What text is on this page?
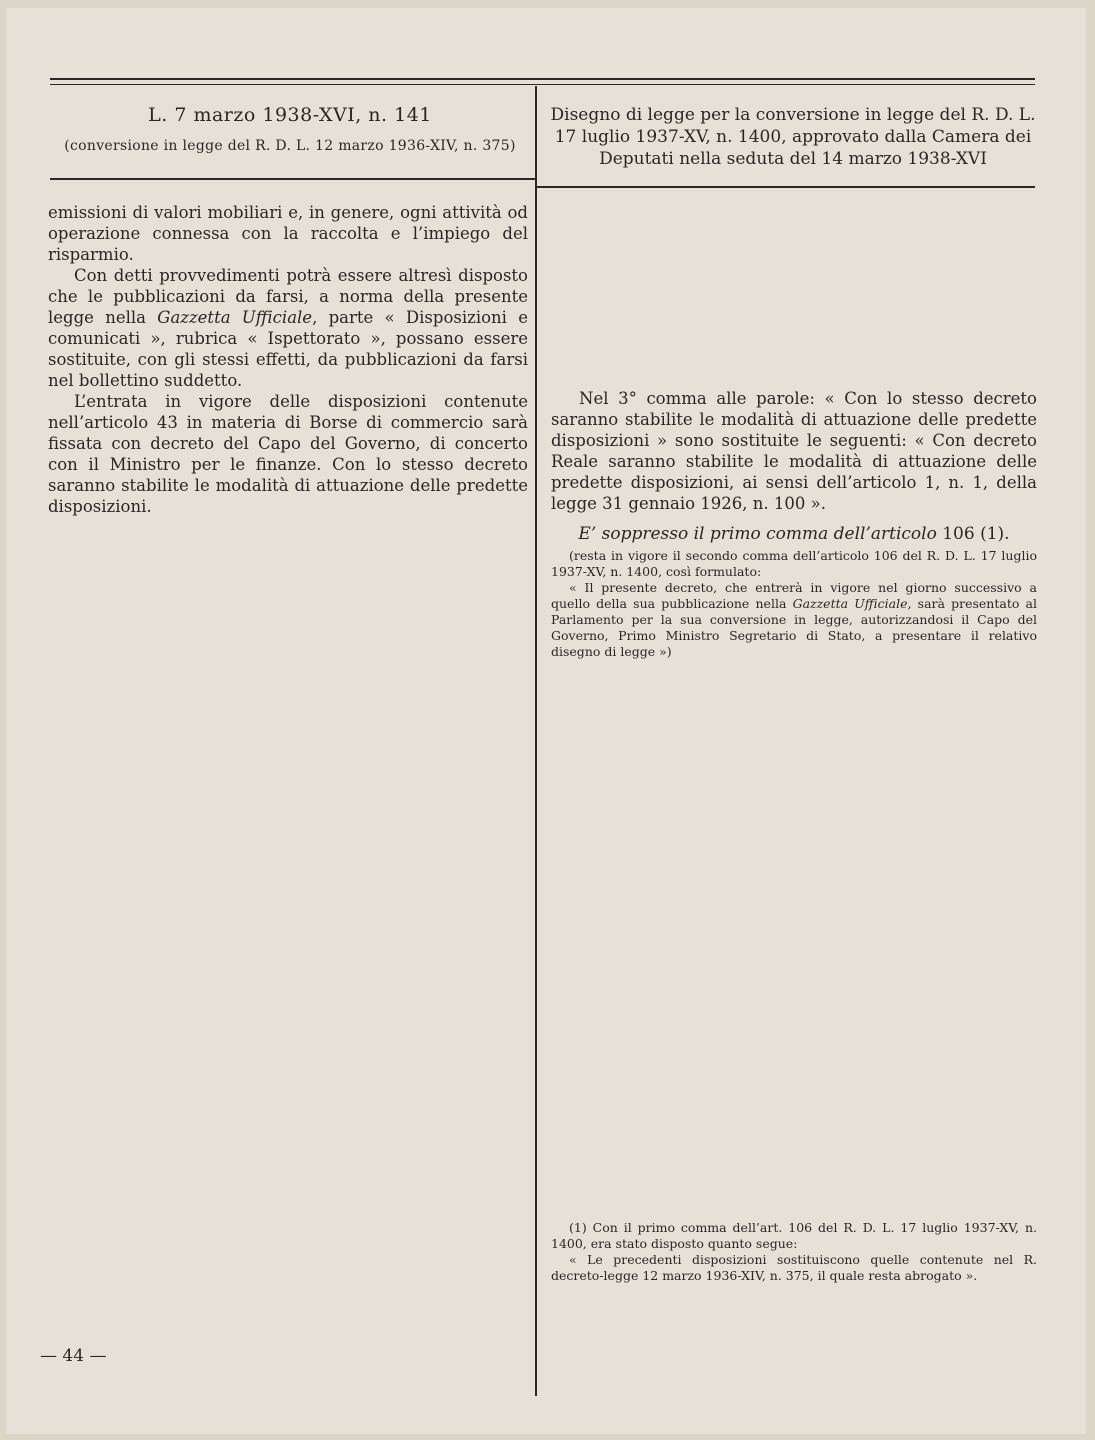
L. 7 marzo 1938-XVI, n. 141
(conversione in legge del R. D. L. 12 marzo 1936-XIV, n. 375)
Disegno di legge per la conversione in legge del R. D. L. 17 luglio 1937-XV, n. 1400, approvato dalla Camera dei Deputati nella seduta del 14 marzo 1938-XVI

emissioni di valori mobiliari e, in genere, ogni attività od operazione connessa con la raccolta e l’impiego del risparmio.

Con detti provvedimenti potrà essere altresì disposto che le pubblicazioni da farsi, a norma della presente legge nella Gazzetta Ufficiale, parte « Disposizioni e comunicati », rubrica « Ispettorato », possano essere sostituite, con gli stessi effetti, da pubblicazioni da farsi nel bollettino suddetto.

L’entrata in vigore delle disposizioni contenute nell’articolo 43 in materia di Borse di commercio sarà fissata con decreto del Capo del Governo, di concerto con il Ministro per le finanze. Con lo stesso decreto saranno stabilite le modalità di attuazione delle predette disposizioni.

Nel 3° comma alle parole: « Con lo stesso decreto saranno stabilite le modalità di attuazione delle predette disposizioni » sono sostituite le seguenti: « Con decreto Reale saranno stabilite le modalità di attuazione delle predette disposizioni, ai sensi dell’articolo 1, n. 1, della legge 31 gennaio 1926, n. 100 ».

E’ soppresso il primo comma dell’articolo 106 (1).

(resta in vigore il secondo comma dell’articolo 106 del R. D. L. 17 luglio 1937-XV, n. 1400, così formulato:

« Il presente decreto, che entrerà in vigore nel giorno successivo a quello della sua pubblicazione nella Gazzetta Ufficiale, sarà presentato al Parlamento per la sua conversione in legge, autorizzandosi il Capo del Governo, Primo Ministro Segretario di Stato, a presentare il relativo disegno di legge »)

(1) Con il primo comma dell’art. 106 del R. D. L. 17 luglio 1937-XV, n. 1400, era stato disposto quanto segue:

« Le precedenti disposizioni sostituiscono quelle contenute nel R. decreto-legge 12 marzo 1936-XIV, n. 375, il quale resta abrogato ».

— 44 —
